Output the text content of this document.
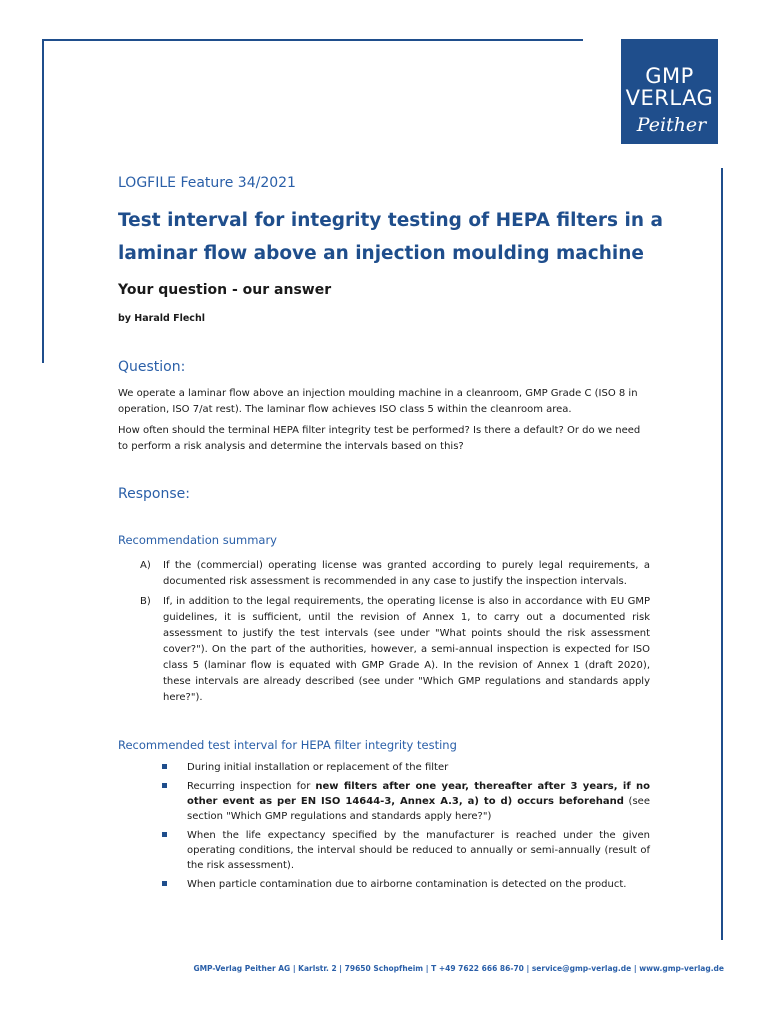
GMP
VERLAG
Peither
LOGFILE Feature 34/2021
Test interval for integrity testing of HEPA filters in a laminar flow above an injection moulding machine
Your question - our answer
by Harald Flechl
Question:
We operate a laminar flow above an injection moulding machine in a cleanroom, GMP Grade C (ISO 8 in operation, ISO 7/at rest). The laminar flow achieves ISO class 5 within the cleanroom area.
How often should the terminal HEPA filter integrity test be performed? Is there a default? Or do we need to perform a risk analysis and determine the intervals based on this?
Response:
Recommendation summary
A)	If the (commercial) operating license was granted according to purely legal requirements, a documented risk assessment is recommended in any case to justify the inspection intervals.
B)	If, in addition to the legal requirements, the operating license is also in accordance with EU GMP guidelines, it is sufficient, until the revision of Annex 1, to carry out a documented risk assessment to justify the test intervals (see under "What points should the risk assessment cover?"). On the part of the authorities, however, a semi-annual inspection is expected for ISO class 5 (laminar flow is equated with GMP Grade A). In the revision of Annex 1 (draft 2020), these intervals are already described (see under "Which GMP regulations and standards apply here?").
Recommended test interval for HEPA filter integrity testing
During initial installation or replacement of the filter
Recurring inspection for new filters after one year, thereafter after 3 years, if no other event as per EN ISO 14644-3, Annex A.3, a) to d) occurs beforehand (see section "Which GMP regulations and standards apply here?")
When the life expectancy specified by the manufacturer is reached under the given operating conditions, the interval should be reduced to annually or semi-annually (result of the risk assessment).
When particle contamination due to airborne contamination is detected on the product.
GMP-Verlag Peither AG | Karlstr. 2 | 79650 Schopfheim | T +49 7622 666 86-70 | service@gmp-verlag.de | www.gmp-verlag.de
